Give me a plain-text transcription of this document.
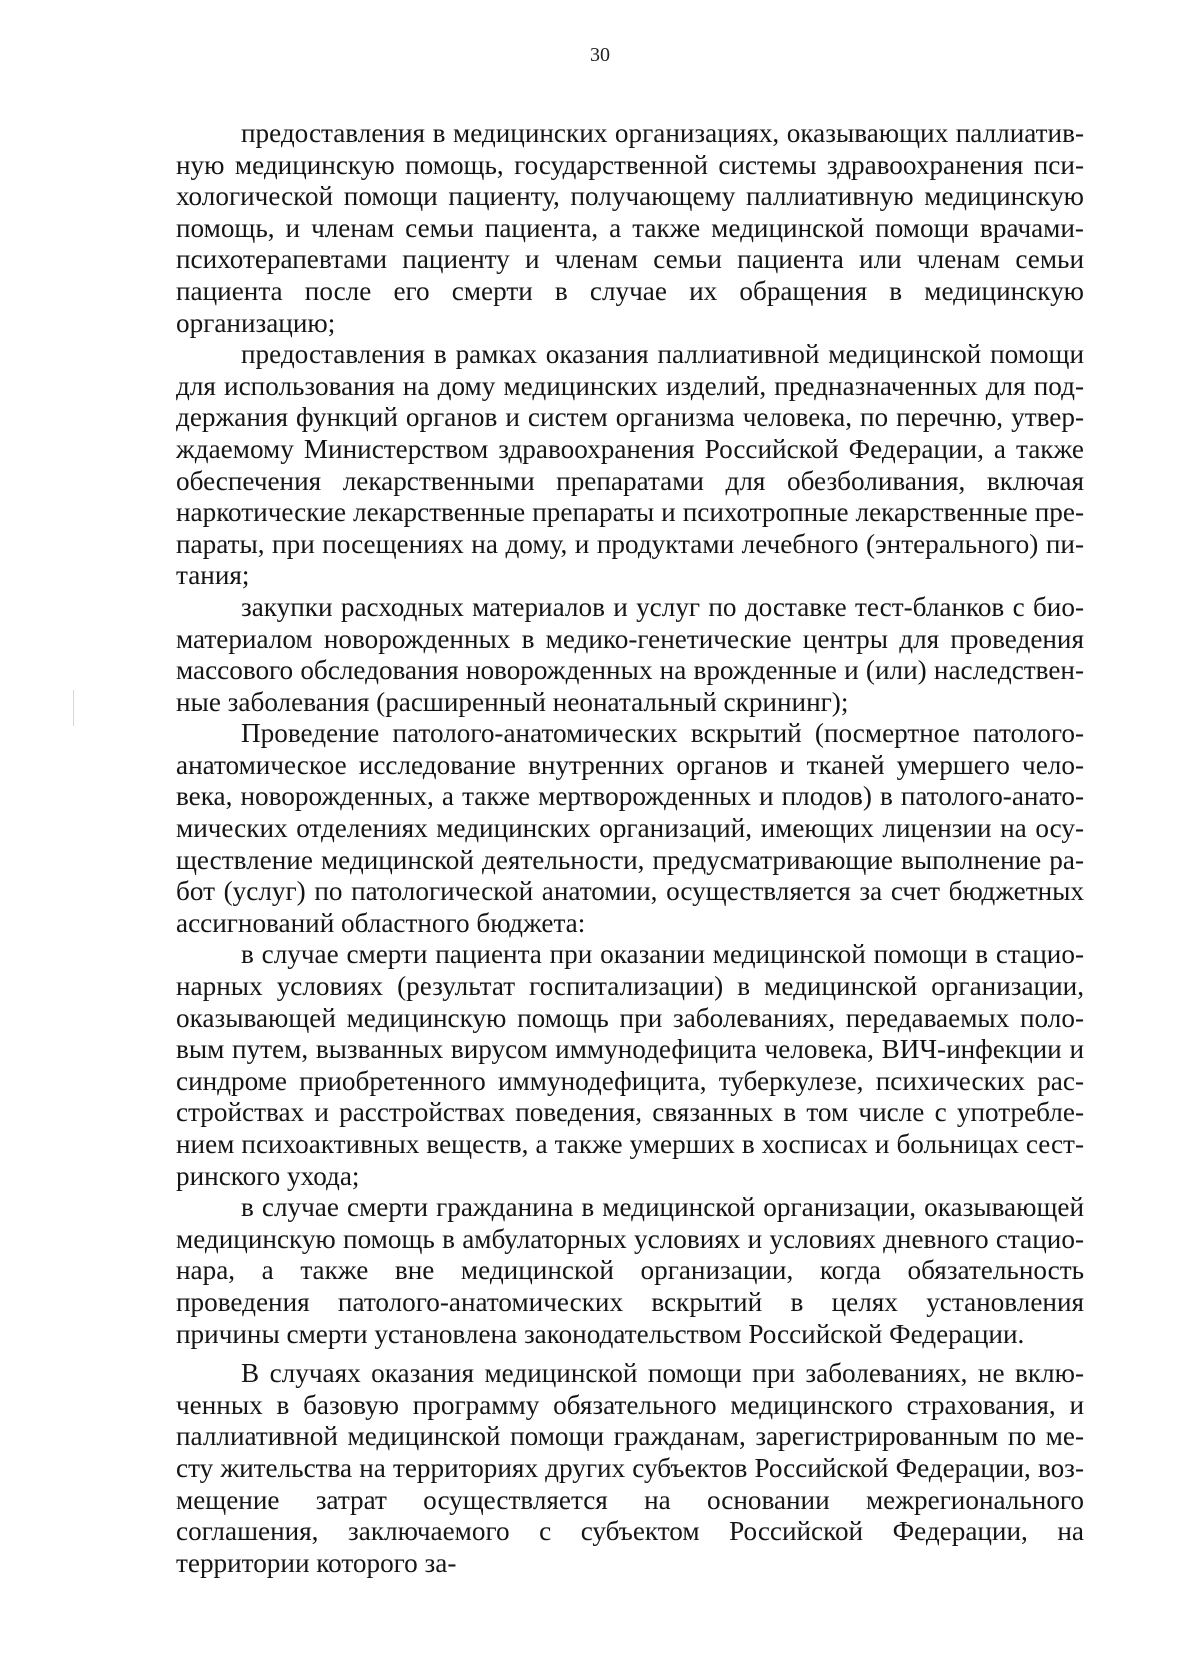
30

предоставления в медицинских организациях, оказывающих паллиативную медицинскую помощь, государственной системы здравоохранения психологической помощи пациенту, получающему паллиативную медицинскую помощь, и членам семьи пациента, а также медицинской помощи врачами-психотерапевтами пациенту и членам семьи пациента или членам семьи пациента после его смерти в случае их обращения в медицинскую организацию;

предоставления в рамках оказания паллиативной медицинской помощи для использования на дому медицинских изделий, предназначенных для поддержания функций органов и систем организма человека, по перечню, утверждаемому Министерством здравоохранения Российской Федерации, а также обеспечения лекарственными препаратами для обезболивания, включая наркотические лекарственные препараты и психотропные лекарственные препараты, при посещениях на дому, и продуктами лечебного (энтерального) питания;

закупки расходных материалов и услуг по доставке тест-бланков с биоматериалом новорожденных в медико-генетические центры для проведения массового обследования новорожденных на врожденные и (или) наследственные заболевания (расширенный неонатальный скрининг);

Проведение патолого-анатомических вскрытий (посмертное патолого-анатомическое исследование внутренних органов и тканей умершего человека, новорожденных, а также мертворожденных и плодов) в патолого-анатомических отделениях медицинских организаций, имеющих лицензии на осуществление медицинской деятельности, предусматривающие выполнение работ (услуг) по патологической анатомии, осуществляется за счет бюджетных ассигнований областного бюджета:

в случае смерти пациента при оказании медицинской помощи в стационарных условиях (результат госпитализации) в медицинской организации, оказывающей медицинскую помощь при заболеваниях, передаваемых половым путем, вызванных вирусом иммунодефицита человека, ВИЧ-инфекции и синдроме приобретенного иммунодефицита, туберкулезе, психических расстройствах и расстройствах поведения, связанных в том числе с употреблением психоактивных веществ, а также умерших в хосписах и больницах сестринского ухода;

в случае смерти гражданина в медицинской организации, оказывающей медицинскую помощь в амбулаторных условиях и условиях дневного стационара, а также вне медицинской организации, когда обязательность проведения патолого-анатомических вскрытий в целях установления причины смерти установлена законодательством Российской Федерации.

В случаях оказания медицинской помощи при заболеваниях, не включенных в базовую программу обязательного медицинского страхования, и паллиативной медицинской помощи гражданам, зарегистрированным по месту жительства на территориях других субъектов Российской Федерации, возмещение затрат осуществляется на основании межрегионального соглашения, заключаемого с субъектом Российской Федерации, на территории которого за-
